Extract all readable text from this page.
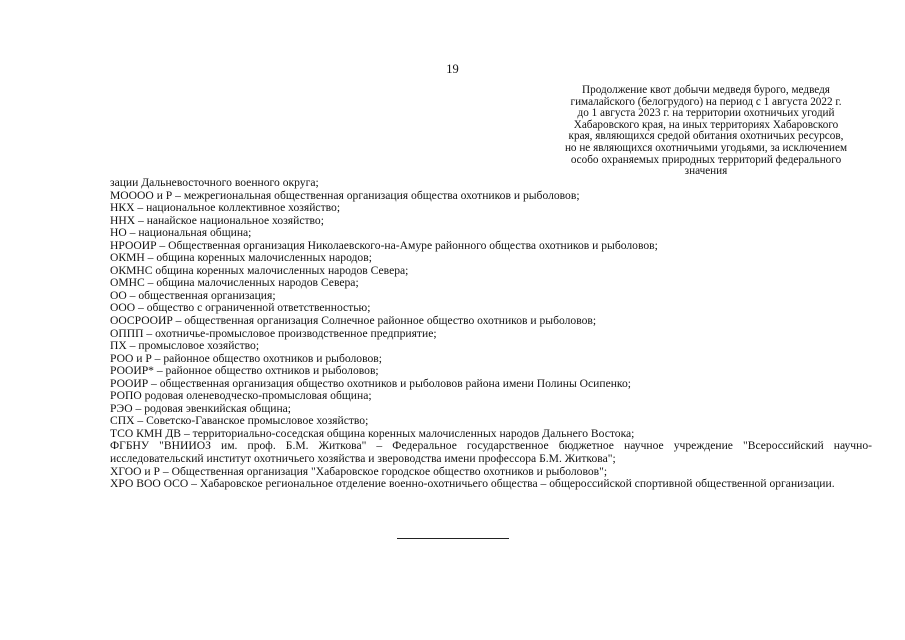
19
Продолжение квот добычи медведя бурого, медведя
гималайского (белогрудого) на период с 1 августа 2022 г.
до 1 августа 2023 г. на территории охотничьих угодий
Хабаровского края, на иных территориях Хабаровского
края, являющихся средой обитания охотничьих ресурсов,
но не являющихся охотничьими угодьями, за исключением
особо охраняемых природных территорий федерального
значения
зации Дальневосточного военного округа;
МОООО и Р – межрегиональная общественная организация общества охотников и рыболовов;
НКХ – национальное коллективное хозяйство;
ННХ – нанайское национальное хозяйство;
НО – национальная община;
НРООИР – Общественная организация Николаевского-на-Амуре районного общества охотников и рыболовов;
ОКМН – община коренных малочисленных народов;
ОКМНС община коренных малочисленных народов Севера;
ОМНС – община малочисленных народов Севера;
ОО – общественная организация;
ООО – общество с ограниченной ответственностью;
ООСРООИР – общественная организация Солнечное районное общество охотников и рыболовов;
ОППП – охотничье-промысловое производственное предприятие;
ПХ – промысловое хозяйство;
РОО и Р – районное общество охотников и рыболовов;
РООИР* – районное общество охтников и рыболовов;
РООИР – общественная организация общество охотников и рыболовов района имени Полины Осипенко;
РОПО родовая оленеводческо-промысловая община;
РЭО – родовая эвенкийская община;
СПХ – Советско-Гаванское промысловое хозяйство;
ТСО КМН ДВ – территориально-соседская община коренных малочисленных народов Дальнего Востока;
ФГБНУ "ВНИИОЗ им. проф. Б.М. Житкова" – Федеральное государственное бюджетное научное учреждение "Всероссийский научно-исследовательский институт охотничьего хозяйства и звероводства имени профессора Б.М. Житкова";
ХГОО и Р – Общественная организация "Хабаровское городское общество охотников и рыболовов";
ХРО ВОО ОСО – Хабаровское региональное отделение военно-охотничьего общества – общероссийской спортивной общественной организации.
